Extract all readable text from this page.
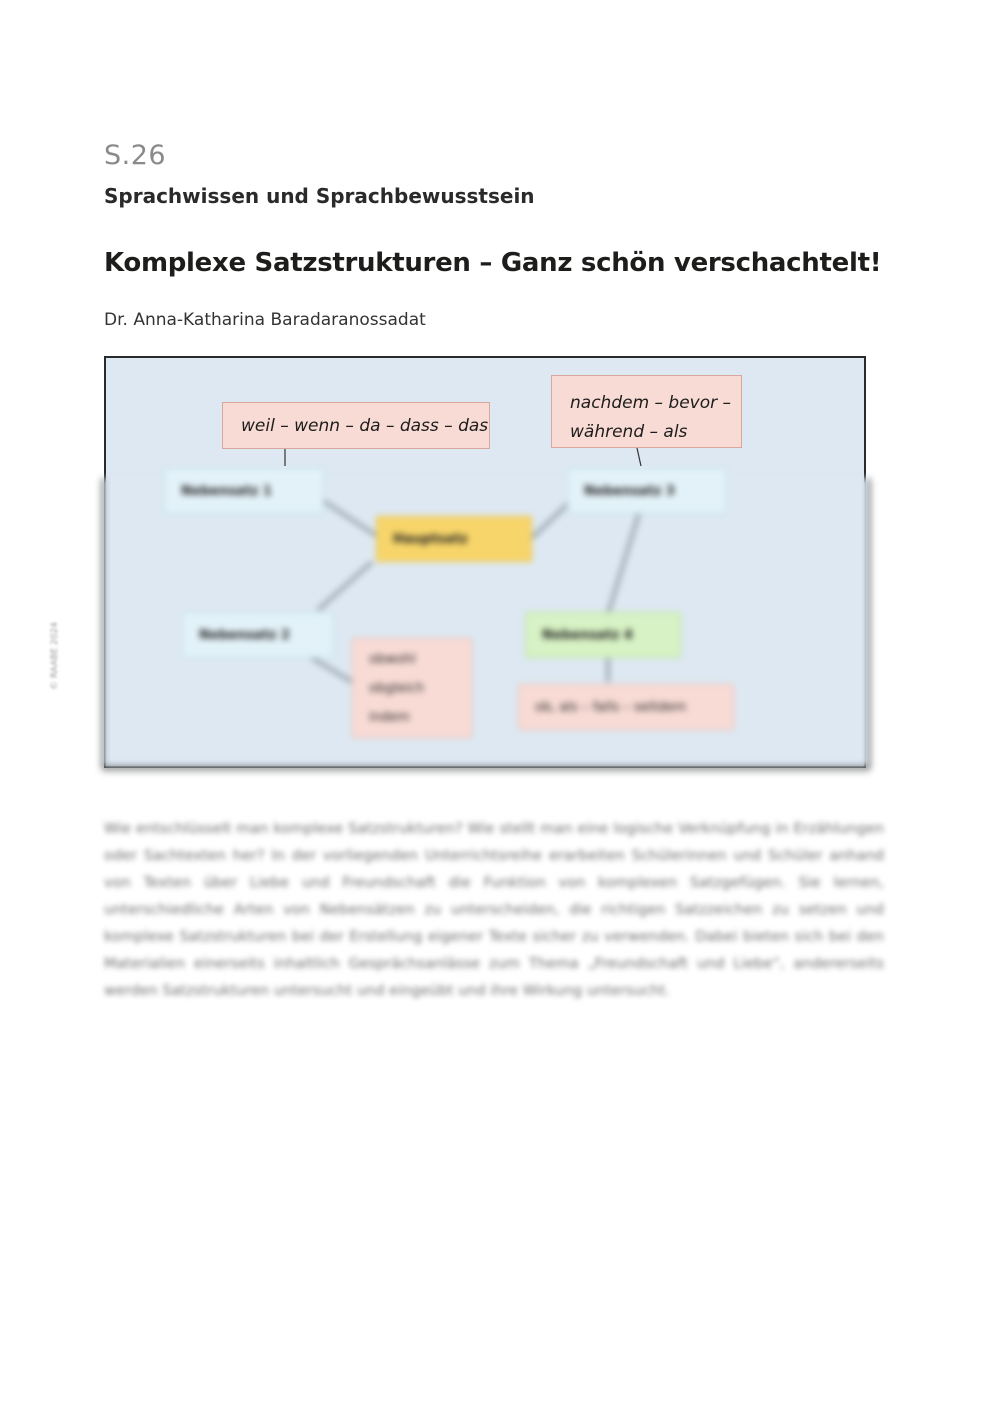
S.26
Sprachwissen und Sprachbewusstsein
Komplexe Satzstrukturen – Ganz schön verschachtelt!
Dr. Anna-Katharina Baradaranossadat
© RAABE 2024
Nebensatz 1
Hauptsatz
Nebensatz 3
Nebensatz 2	Nebensatz 4
obwohl
obgleich
indem
ob, als – falls – seitdem
weil – wenn – da – dass – das
nachdem – bevor –
während – als
Wie entschlüsselt man komplexe Satzstrukturen? Wie stellt man eine logische Verknüpfung in Erzählungen oder Sachtexten her? In der vorliegenden Unterrichtsreihe erarbeiten Schülerinnen und Schüler anhand von Texten über Liebe und Freundschaft die Funktion von komplexen Satzgefügen. Sie lernen, unterschiedliche Arten von Nebensätzen zu unterscheiden, die richtigen Satzzeichen zu setzen und komplexe Satzstrukturen bei der Erstellung eigener Texte sicher zu verwenden. Dabei bieten sich bei den Materialien einerseits inhaltlich Gesprächsanlässe zum Thema „Freundschaft und Liebe“, andererseits werden Satzstrukturen untersucht und eingeübt und ihre Wirkung untersucht.
